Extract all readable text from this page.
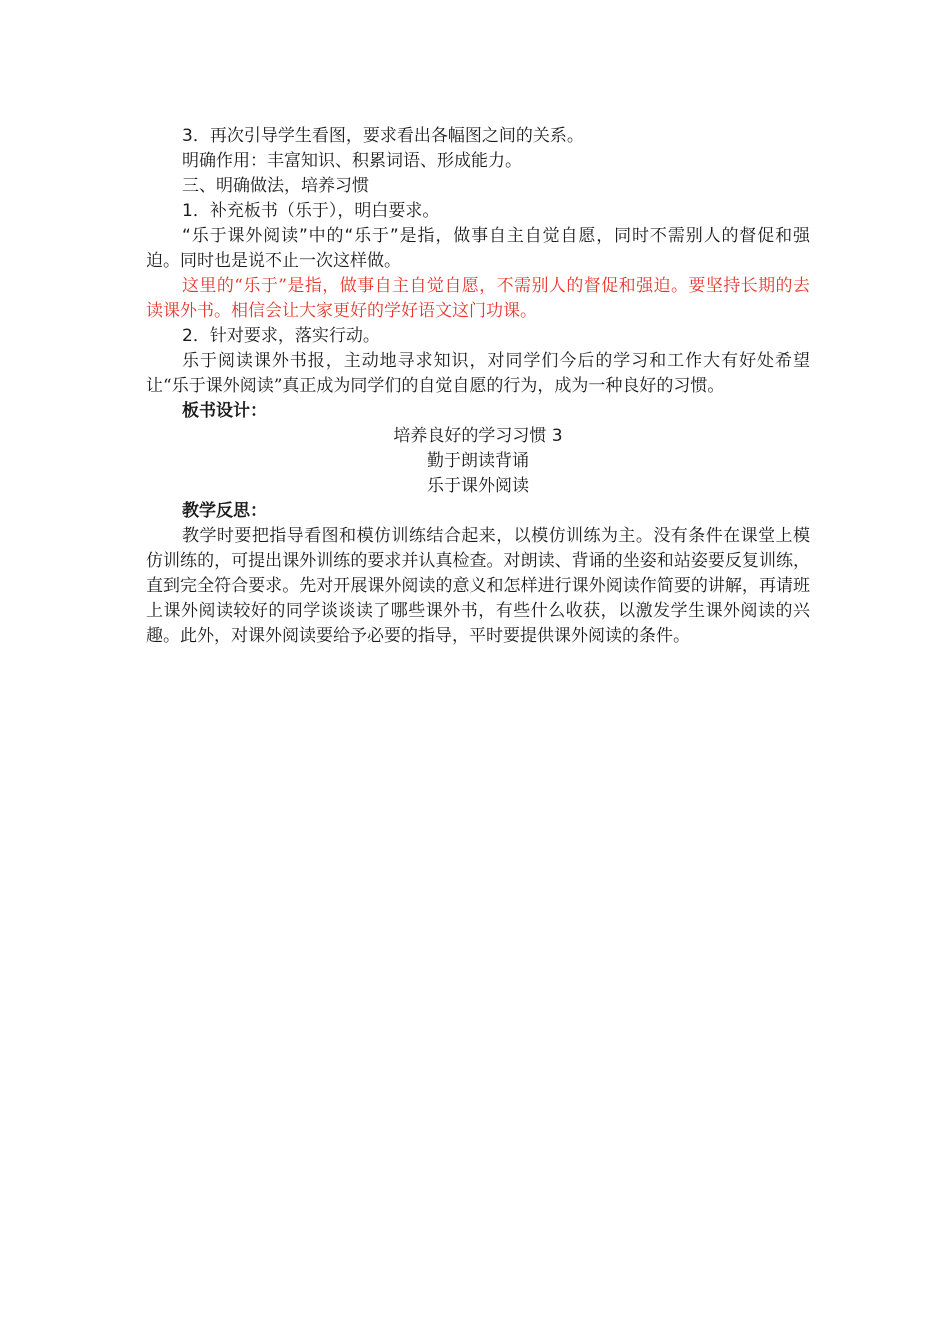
3．再次引导学生看图，要求看出各幅图之间的关系。

明确作用：丰富知识、积累词语、形成能力。

三、明确做法，培养习惯

1．补充板书（乐于），明白要求。

“乐于课外阅读”中的“乐于”是指，做事自主自觉自愿，同时不需别人的督促和强迫。同时也是说不止一次这样做。

这里的“乐于”是指，做事自主自觉自愿，不需别人的督促和强迫。要坚持长期的去读课外书。相信会让大家更好的学好语文这门功课。

2．针对要求，落实行动。

乐于阅读课外书报，主动地寻求知识，对同学们今后的学习和工作大有好处希望让“乐于课外阅读”真正成为同学们的自觉自愿的行为，成为一种良好的习惯。

板书设计：

培养良好的学习习惯 3

勤于朗读背诵

乐于课外阅读

教学反思：

教学时要把指导看图和模仿训练结合起来，以模仿训练为主。没有条件在课堂上模仿训练的，可提出课外训练的要求并认真检查。对朗读、背诵的坐姿和站姿要反复训练，直到完全符合要求。先对开展课外阅读的意义和怎样进行课外阅读作简要的讲解，再请班上课外阅读较好的同学谈谈读了哪些课外书，有些什么收获，以激发学生课外阅读的兴趣。此外，对课外阅读要给予必要的指导，平时要提供课外阅读的条件。
